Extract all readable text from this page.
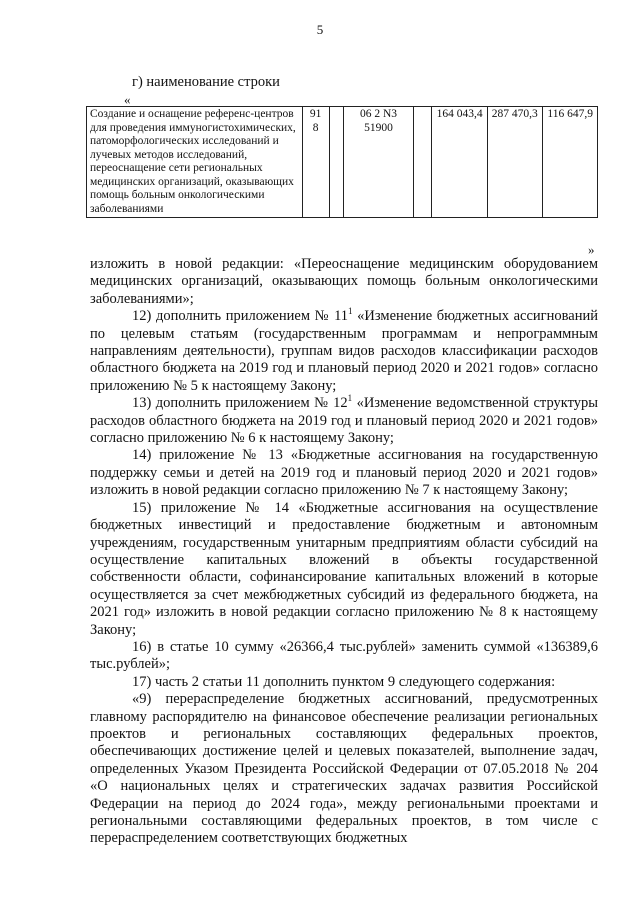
5
г) наименование строки
«
Создание и оснащение референс-центров для проведения иммуногистохимических, патоморфологических исследований и лучевых методов исследований, переоснащение сети региональных медицинских организаций, оказывающих помощь больным онкологическими заболеваниями	91 8		06 2 N3 51900		164 043,4	287 470,3	116 647,9
»

изложить в новой редакции: «Переоснащение медицинским оборудованием медицинских организаций, оказывающих помощь больным онкологическими заболеваниями»;

12) дополнить приложением № $11^1$ «Изменение бюджетных ассигнований по целевым статьям (государственным программам и непрограммным направлениям деятельности), группам видов расходов классификации расходов областного бюджета на 2019 год и плановый период 2020 и 2021 годов» согласно приложению № 5 к настоящему Закону;

13) дополнить приложением № $12^1$ «Изменение ведомственной структуры расходов областного бюджета на 2019 год и плановый период 2020 и 2021 годов» согласно приложению № 6 к настоящему Закону;

14) приложение № 13 «Бюджетные ассигнования на государственную поддержку семьи и детей на 2019 год и плановый период 2020 и 2021 годов» изложить в новой редакции согласно приложению № 7 к настоящему Закону;

15) приложение № 14 «Бюджетные ассигнования на осуществление бюджетных инвестиций и предоставление бюджетным и автономным учреждениям, государственным унитарным предприятиям области субсидий на осуществление капитальных вложений в объекты государственной собственности области, софинансирование капитальных вложений в которые осуществляется за счет межбюджетных субсидий из федерального бюджета, на 2021 год» изложить в новой редакции согласно приложению № 8 к настоящему Закону;

16) в статье 10 сумму «26366,4 тыс.рублей» заменить суммой «136389,6 тыс.рублей»;

17) часть 2 статьи 11 дополнить пунктом 9 следующего содержания:

«9) перераспределение бюджетных ассигнований, предусмотренных главному распорядителю на финансовое обеспечение реализации региональных проектов и региональных составляющих федеральных проектов, обеспечивающих достижение целей и целевых показателей, выполнение задач, определенных Указом Президента Российской Федерации от 07.05.2018 № 204 «О национальных целях и стратегических задачах развития Российской Федерации на период до 2024 года», между региональными проектами и региональными составляющими федеральных проектов, в том числе с перераспределением соответствующих бюджетных
